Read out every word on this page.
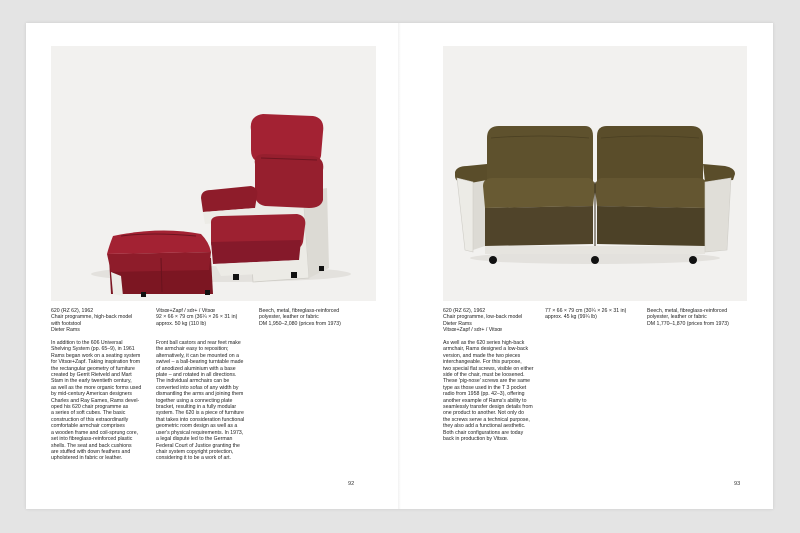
620 (RZ 62), 1962
Chair programme, high-back model
with footstool
Dieter Rams
Vitsœ+Zapf / sdr+ / Vitsœ
92 × 66 × 79 cm (36¼ × 26 × 31 in)
approx. 50 kg (110 lb)
Beech, metal, fibreglass-reinforced
polyester, leather or fabric
DM 1,950–2,080 (prices from 1973)
In addition to the 606 Universal
Shelving System (pp. 65–9), in 1961
Rams began work on a seating system
for Vitsœ+Zapf. Taking inspiration from
the rectangular geometry of furniture
created by Gerrit Rietveld and Mart
Stam in the early twentieth century,
as well as the more organic forms used
by mid-century American designers
Charles and Ray Eames, Rams devel-
oped his 620 chair programme as
a series of soft cubes. The basic
construction of this extraordinarily
comfortable armchair comprises
a wooden frame and coil-sprung core,
set into fibreglass-reinforced plastic
shells. The seat and back cushions
are stuffed with down feathers and
upholstered in fabric or leather.
Front ball castors and rear feet make
the armchair easy to reposition;
alternatively, it can be mounted on a
swivel – a ball-bearing turntable made
of anodized aluminium with a base
plate – and rotated in all directions.
The individual armchairs can be
converted into sofas of any width by
dismantling the arms and joining them
together using a connecting plate
bracket, resulting in a fully modular
system. The 620 is a piece of furniture
that takes into consideration functional
geometric room design as well as a
user's physical requirements. In 1973,
a legal dispute led to the German
Federal Court of Justice granting the
chair system copyright protection,
considering it to be a work of art.
92
620 (RZ 62), 1962
Chair programme, low-back model
Dieter Rams
Vitsœ+Zapf / sdr+ / Vitsœ
77 × 66 × 79 cm (30¼ × 26 × 31 in)
approx. 45 kg (99¼ lb)
Beech, metal, fibreglass-reinforced
polyester, leather or fabric
DM 1,770–1,870 (prices from 1973)
As well as the 620 series high-back
armchair, Rams designed a low-back
version, and made the two pieces
interchangeable. For this purpose,
two special flat screws, visible on either
side of the chair, must be loosened.
These 'pig-nose' screws are the same
type as those used in the T 3 pocket
radio from 1958 (pp. 42–3), offering
another example of Rams's ability to
seamlessly transfer design details from
one product to another. Not only do
the screws serve a technical purpose,
they also add a functional aesthetic.
Both chair configurations are today
back in production by Vitsœ.
93
